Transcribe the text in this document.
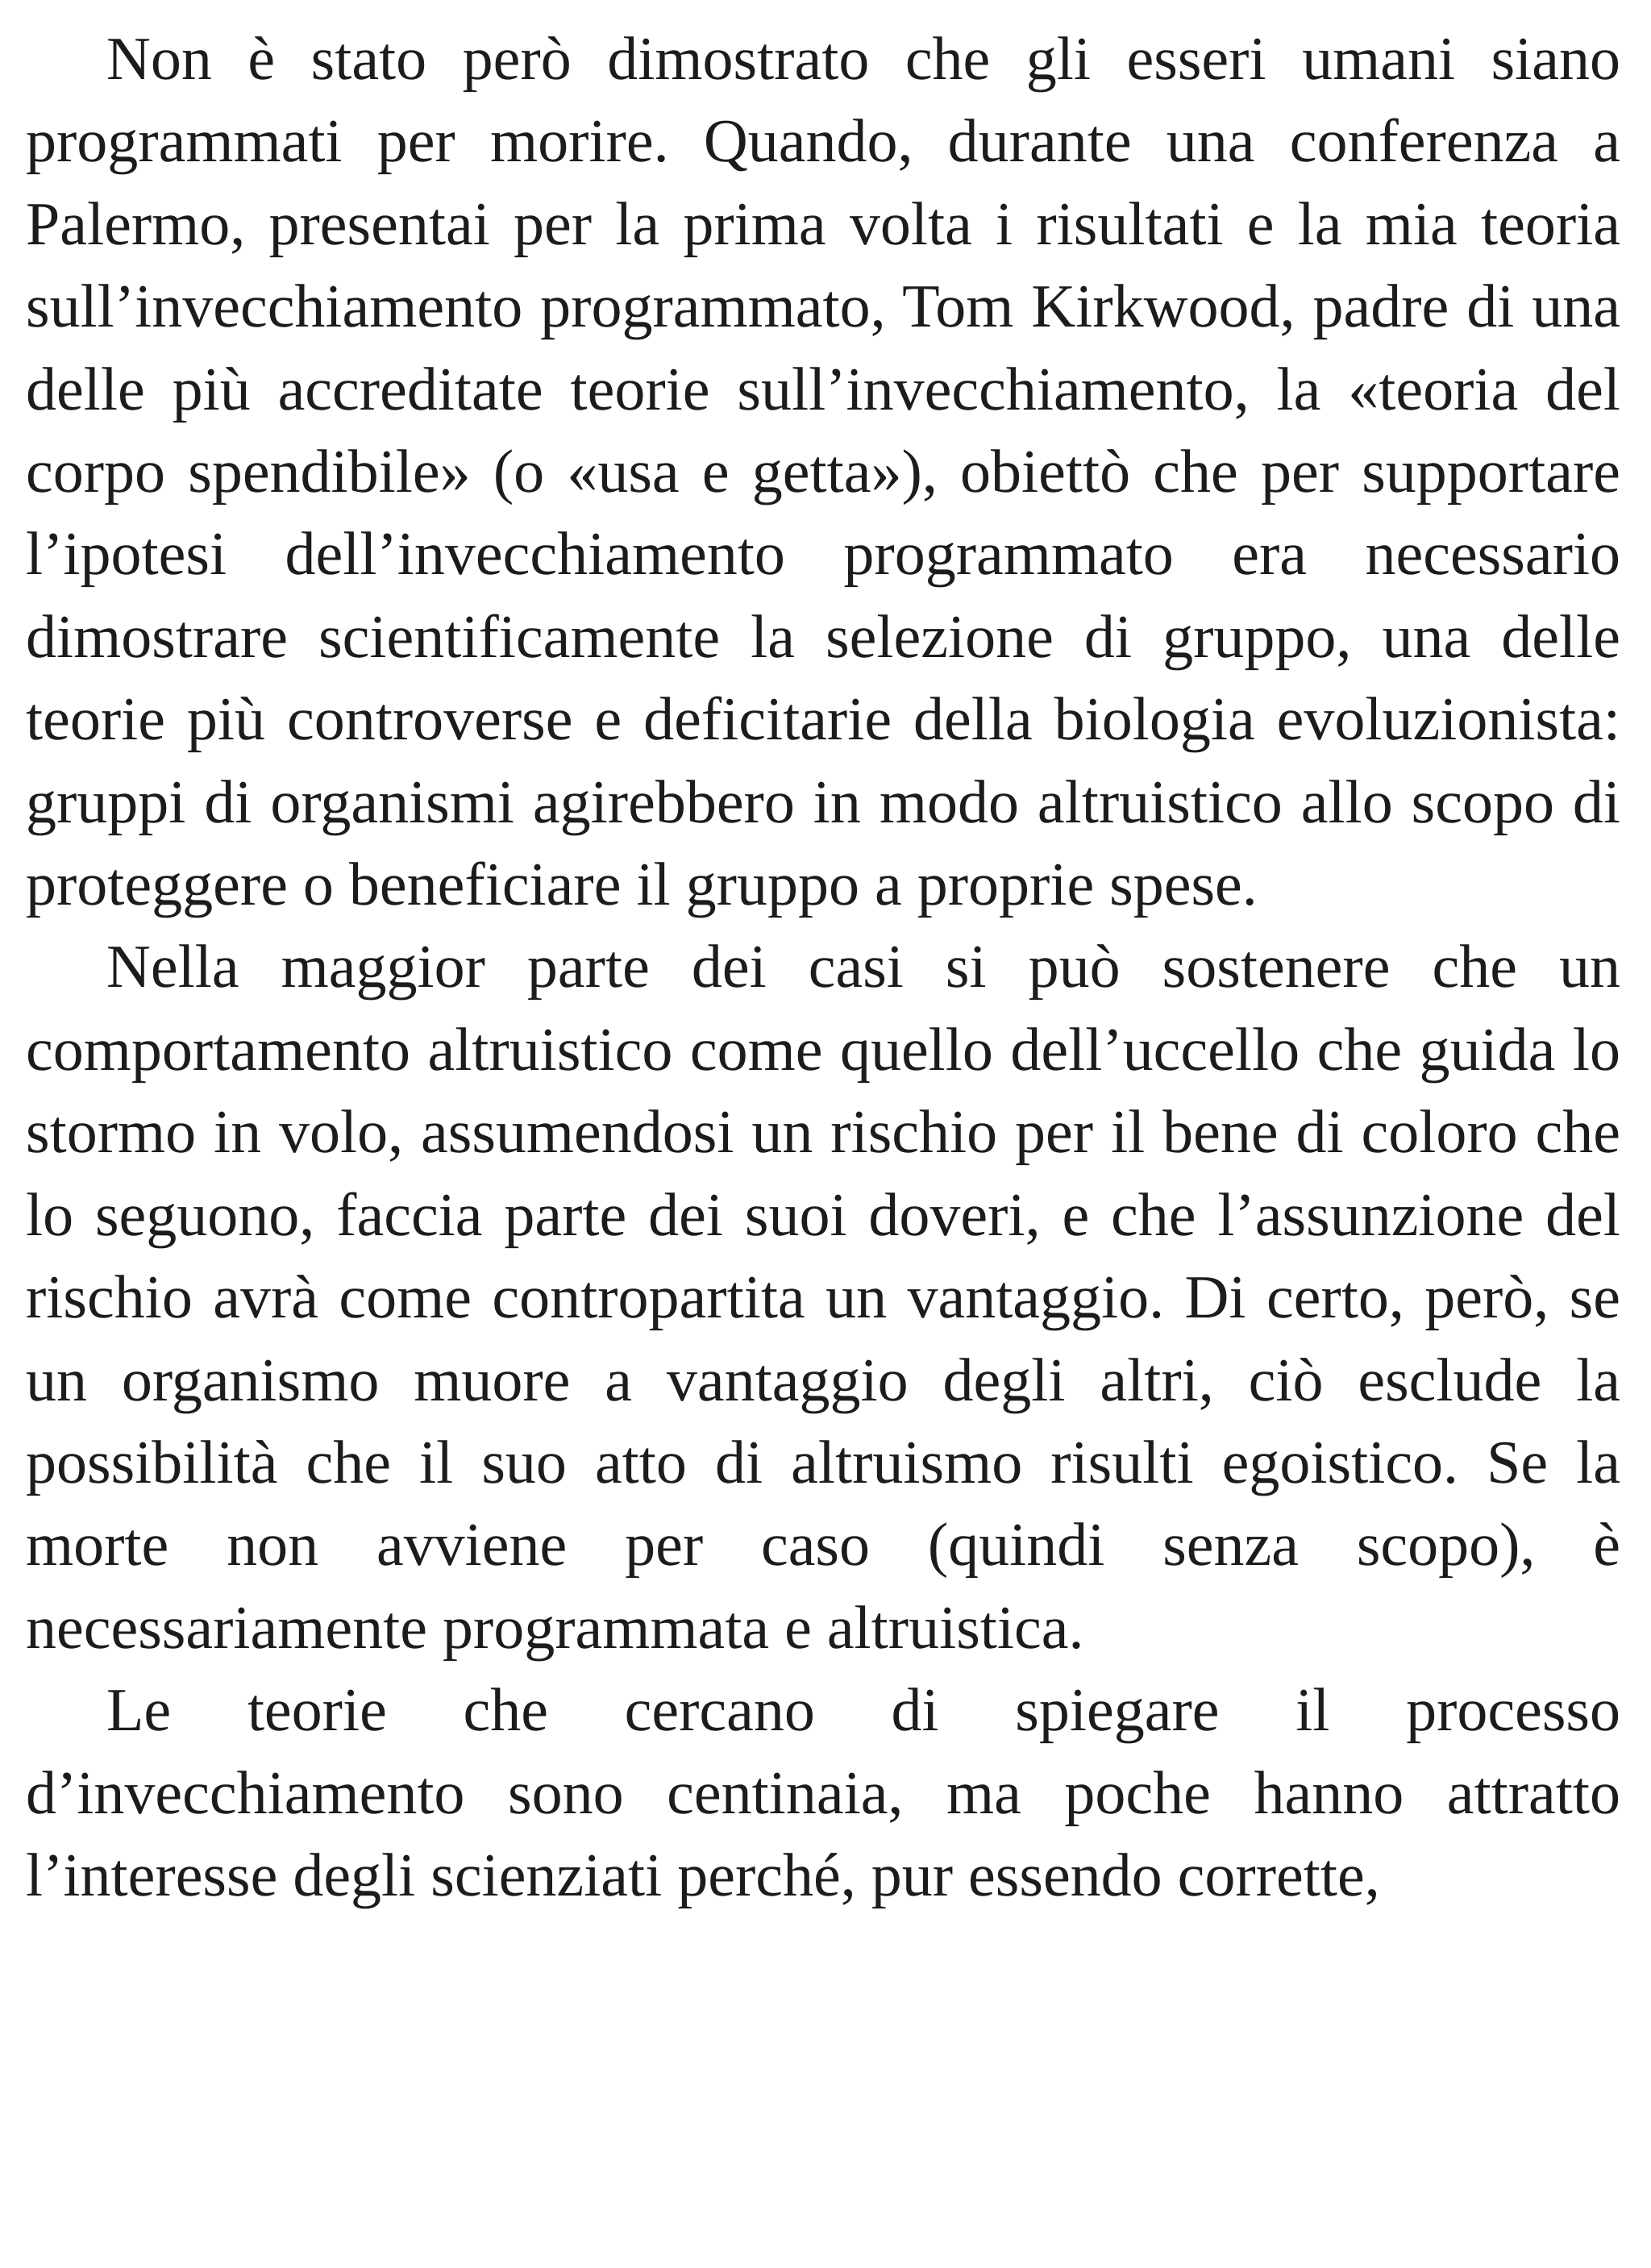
Non è stato però dimostrato che gli esseri umani siano programmati per morire. Quando, durante una conferenza a Palermo, presentai per la prima volta i risultati e la mia teoria sull’invecchiamento programmato, Tom Kirkwood, padre di una delle più accreditate teorie sull’invecchiamento, la «teoria del corpo spendibile» (o «usa e getta»), obiettò che per supportare l’ipotesi dell’invecchiamento programmato era necessario dimostrare scientificamente la selezione di gruppo, una delle teorie più controverse e deficitarie della biologia evoluzionista: gruppi di organismi agirebbero in modo altruistico allo scopo di proteggere o beneficiare il gruppo a proprie spese.

Nella maggior parte dei casi si può sostenere che un comportamento altruistico come quello dell’uccello che guida lo stormo in volo, assumendosi un rischio per il bene di coloro che lo seguono, faccia parte dei suoi doveri, e che l’assunzione del rischio avrà come contropartita un vantaggio. Di certo, però, se un organismo muore a vantaggio degli altri, ciò esclude la possibilità che il suo atto di altruismo risulti egoistico. Se la morte non avviene per caso (quindi senza scopo), è necessariamente programmata e altruistica.

Le teorie che cercano di spiegare il processo d’invecchiamento sono centinaia, ma poche hanno attratto l’interesse degli scienziati perché, pur essendo corrette,
